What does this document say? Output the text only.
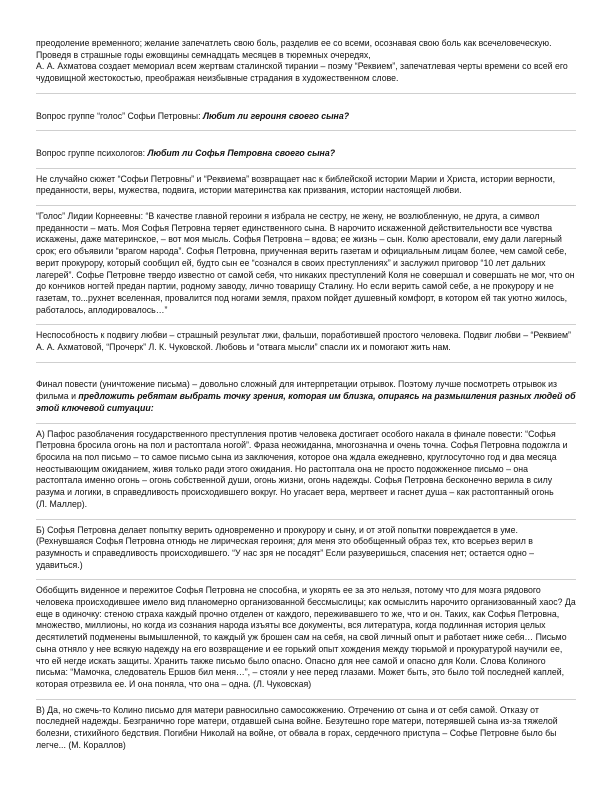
преодоление временного; желание запечатлеть свою боль, разделив ее со всеми, осознавая свою боль как всечеловеческую. Проведя в страшные годы ежовщины семнадцать месяцев в тюремных очередях,
А. А. Ахматова создает мемориал всем жертвам сталинской тирании – поэму “Реквием”, запечатлевая черты времени со всей его чудовищной жестокостью, преображая неизбывные страдания в художественном слове.

Вопрос группе “голос” Софьи Петровны: Любит ли героиня своего сына?

Вопрос группе психологов: Любит ли Софья Петровна своего сына?

Не случайно сюжет “Софьи Петровны” и “Реквиема” возвращает нас к библейской истории Марии и Христа, истории верности, преданности, веры, мужества, подвига, истории материнства как призвания, истории настоящей любви.

“Голос” Лидии Корнеевны: “В качестве главной героини я избрала не сестру, не жену, не возлюбленную, не друга, а символ преданности – мать. Моя Софья Петровна теряет единственного сына. В нарочито искаженной действительности все чувства искажены, даже материнское, – вот моя мысль. Софья Петровна – вдова; ее жизнь – сын. Колю арестовали, ему дали лагерный срок; его объявили “врагом народа”. Софья Петровна, приученная верить газетам и официальным лицам более, чем самой себе, верит прокурору, который сообщил ей, будто сын ее “сознался в своих преступлениях” и заслужил приговор “10 лет дальних лагерей”. Софье Петровне твердо известно от самой себя, что никаких преступлений Коля не совершал и совершать не мог, что он до кончиков ногтей предан партии, родному заводу, лично товарищу Сталину. Но если верить самой себе, а не прокурору и не газетам, то...рухнет вселенная, провалится под ногами земля, прахом пойдет душевный комфорт, в котором ей так уютно жилось, работалось, аплодировалось…”

Неспособность к подвигу любви – страшный результат лжи, фальши, поработившей простого человека. Подвиг любви – “Реквием” А. А. Ахматовой, “Прочерк” Л. К. Чуковской. Любовь и “отвага мысли” спасли их и помогают жить нам.

Финал повести (уничтожение письма) – довольно сложный для интерпретации отрывок. Поэтому лучше посмотреть отрывок из фильма и предложить ребятам выбрать точку зрения, которая им близка, опираясь на размышления разных людей об этой ключевой ситуации:

А) Пафос разоблачения государственного преступления против человека достигает особого накала в финале повести: “Софья Петровна бросила огонь на пол и растоптала ногой”. Фраза неожиданна, многозначна и очень точна. Софья Петровна подожгла и бросила на пол письмо – то самое письмо сына из заключения, которое она ждала ежедневно, круглосуточно год и два месяца неостывающим ожиданием, живя только ради этого ожидания. Но растоптала она не просто подожженное письмо – она растоптала именно огонь – огонь собственной души, огонь жизни, огонь надежды. Софья Петровна бесконечно верила в силу разума и логики, в справедливость происходившего вокруг. Но угасает вера, мертвеет и гаснет душа – как растоптанный огонь
(Л. Маллер).

Б) Софья Петровна делает попытку верить одновременно и прокурору и сыну, и от этой попытки повреждается в уме. (Рехнувшаяся Софья Петровна отнюдь не лирическая героиня; для меня это обобщенный образ тех, кто всерьез верил в разумность и справедливость происходившего. “У нас зря не посадят” Если разуверишься, спасения нет; остается одно – удавиться.)

Обобщить виденное и пережитое Софья Петровна не способна, и укорять ее за это нельзя, потому что для мозга рядового человека происходившее имело вид планомерно организованной бессмыслицы; как осмыслить нарочито организованный хаос? Да еще в одиночку: стеною страха каждый прочно отделен от каждого, переживавшего то же, что и он. Таких, как Софья Петровна, множество, миллионы, но когда из сознания народа изъяты все документы, вся литература, когда подлинная история целых десятилетий подменены вымышленной, то каждый уж брошен сам на себя, на свой личный опыт и работает ниже себя… Письмо сына отняло у нее всякую надежду на его возвращение и ее горький опыт хождения между тюрьмой и прокуратурой научили ее, что ей негде искать защиты. Хранить также письмо было опасно. Опасно для нее самой и опасно для Коли. Слова Колиного письма: “Мамочка, следователь Ершов бил меня…”, – стояли у нее перед глазами. Может быть, это было той последней каплей, которая отрезвила ее. И она поняла, что она – одна. (Л. Чуковская)

В) Да, но сжечь-то Колино письмо для матери равносильно самосожжению. Отречению от сына и от себя самой. Отказу от последней надежды. Безгранично горе матери, отдавшей сына войне. Безутешно горе матери, потерявшей сына из-за тяжелой болезни, стихийного бедствия. Погибни Николай на войне, от обвала в горах, сердечного приступа – Софье Петровне было бы легче... (М. Кораллов)
